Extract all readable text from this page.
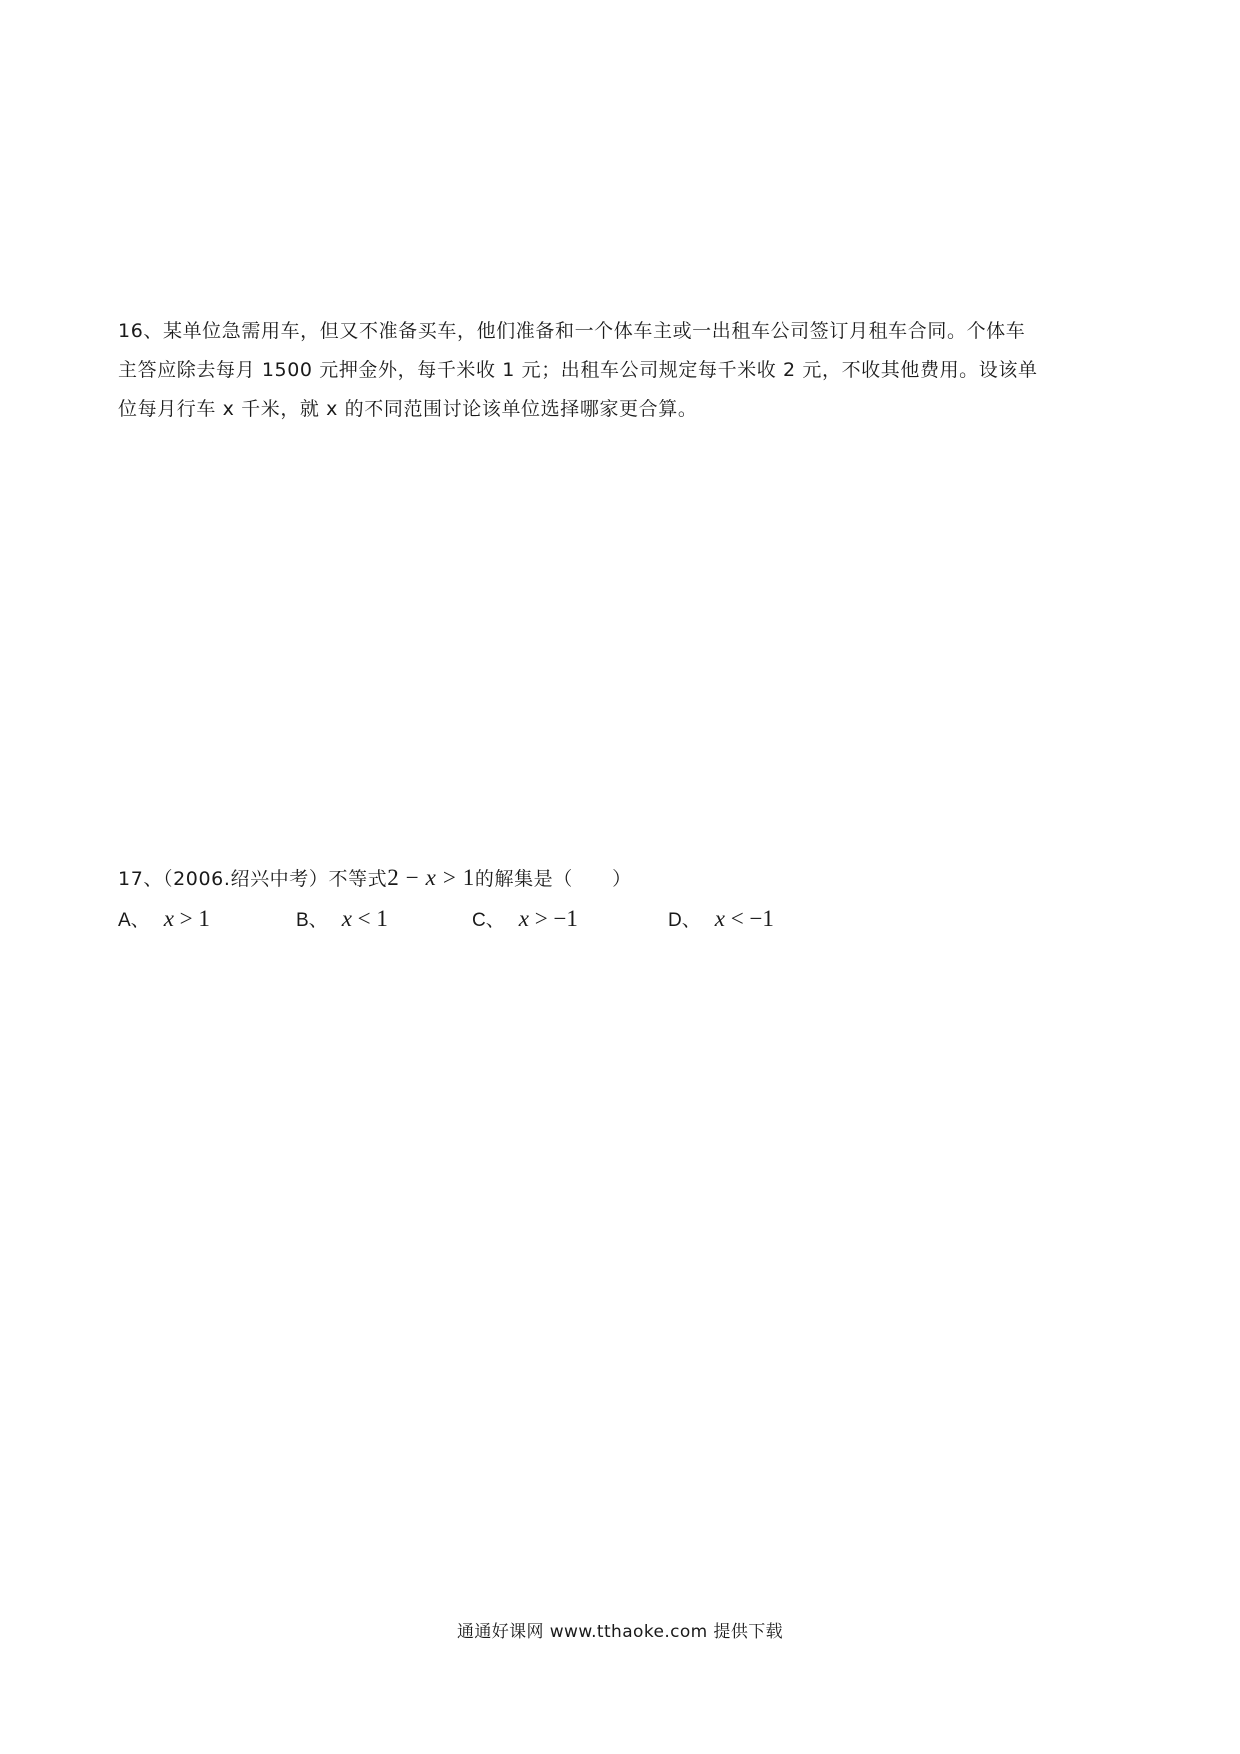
16、某单位急需用车，但又不准备买车，他们准备和一个体车主或一出租车公司签订月租车合同。个体车
主答应除去每月 1500 元押金外，每千米收 1 元；出租车公司规定每千米收 2 元，不收其他费用。设该单
位每月行车 x 千米，就 x 的不同范围讨论该单位选择哪家更合算。
17、（2006.绍兴中考）不等式2 − x > 1的解集是（　　）
A、 x > 1	B、 x < 1	C、 x > −1	D、 x < −1
通通好课网 www.tthaoke.com 提供下载
